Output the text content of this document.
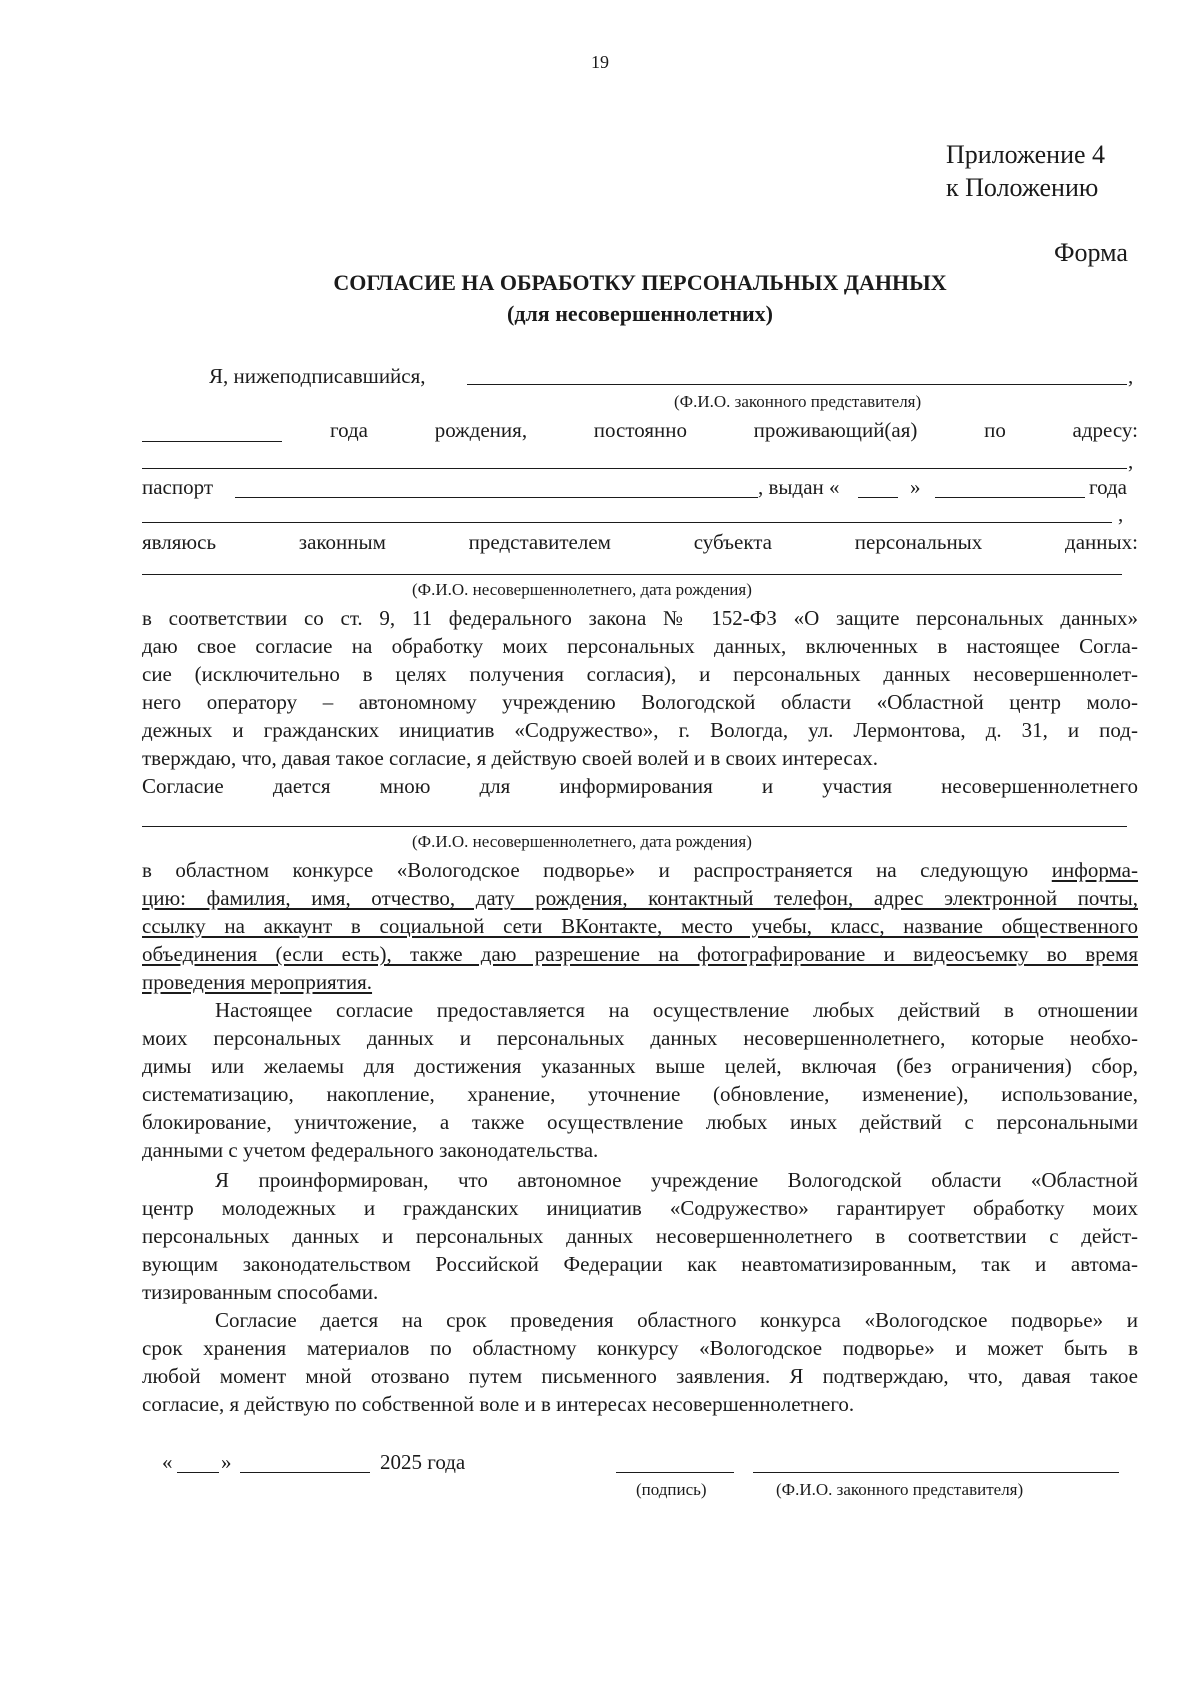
19
Приложение 4
к Положению
Форма
СОГЛАСИЕ НА ОБРАБОТКУ ПЕРСОНАЛЬНЫХ ДАННЫХ
(для несовершеннолетних)
Я, нижеподписавшийся,	,
(Ф.И.О. законного представителя)
года	рождения,	постоянно	проживающий(ая)	по	адресу:
,
паспорт	, выдан «	»	года
,
являюсь	законным	представителем	субъекта	персональных	данных:
(Ф.И.О. несовершеннолетнего, дата рождения)
в соответствии со ст. 9, 11 федерального закона № 152-ФЗ «О защите персональных данных»
даю свое согласие на обработку моих персональных данных, включенных в настоящее Согла-
сие (исключительно в целях получения согласия), и персональных данных несовершеннолет-
него оператору – автономному учреждению Вологодской области «Областной центр моло-
дежных и гражданских инициатив «Содружество», г. Вологда, ул. Лермонтова, д. 31, и под-
тверждаю, что, давая такое согласие, я действую своей волей и в своих интересах.
Согласие дается мною для информирования и участия несовершеннолетнего
(Ф.И.О. несовершеннолетнего, дата рождения)
в областном конкурсе «Вологодское подворье» и распространяется на следующую информа-
цию: фамилия, имя, отчество, дату рождения, контактный телефон, адрес электронной почты,
ссылку на аккаунт в социальной сети ВКонтакте, место учебы, класс, название общественного
объединения (если есть), также даю разрешение на фотографирование и видеосъемку во время
проведения мероприятия.
Настоящее согласие предоставляется на осуществление любых действий в отношении
моих персональных данных и персональных данных несовершеннолетнего, которые необхо-
димы или желаемы для достижения указанных выше целей, включая (без ограничения) сбор,
систематизацию, накопление, хранение, уточнение (обновление, изменение), использование,
блокирование, уничтожение, а также осуществление любых иных действий с персональными
данными с учетом федерального законодательства.
Я проинформирован, что автономное учреждение Вологодской области «Областной
центр молодежных и гражданских инициатив «Содружество» гарантирует обработку моих
персональных данных и персональных данных несовершеннолетнего в соответствии с дейст-
вующим законодательством Российской Федерации как неавтоматизированным, так и автома-
тизированным способами.
Согласие дается на срок проведения областного конкурса «Вологодское подворье» и
срок хранения материалов по областному конкурсу «Вологодское подворье» и может быть в
любой момент мной отозвано путем письменного заявления. Я подтверждаю, что, давая такое
согласие, я действую по собственной воле и в интересах несовершеннолетнего.
« »	2025 года
(подпись)	(Ф.И.О. законного представителя)
